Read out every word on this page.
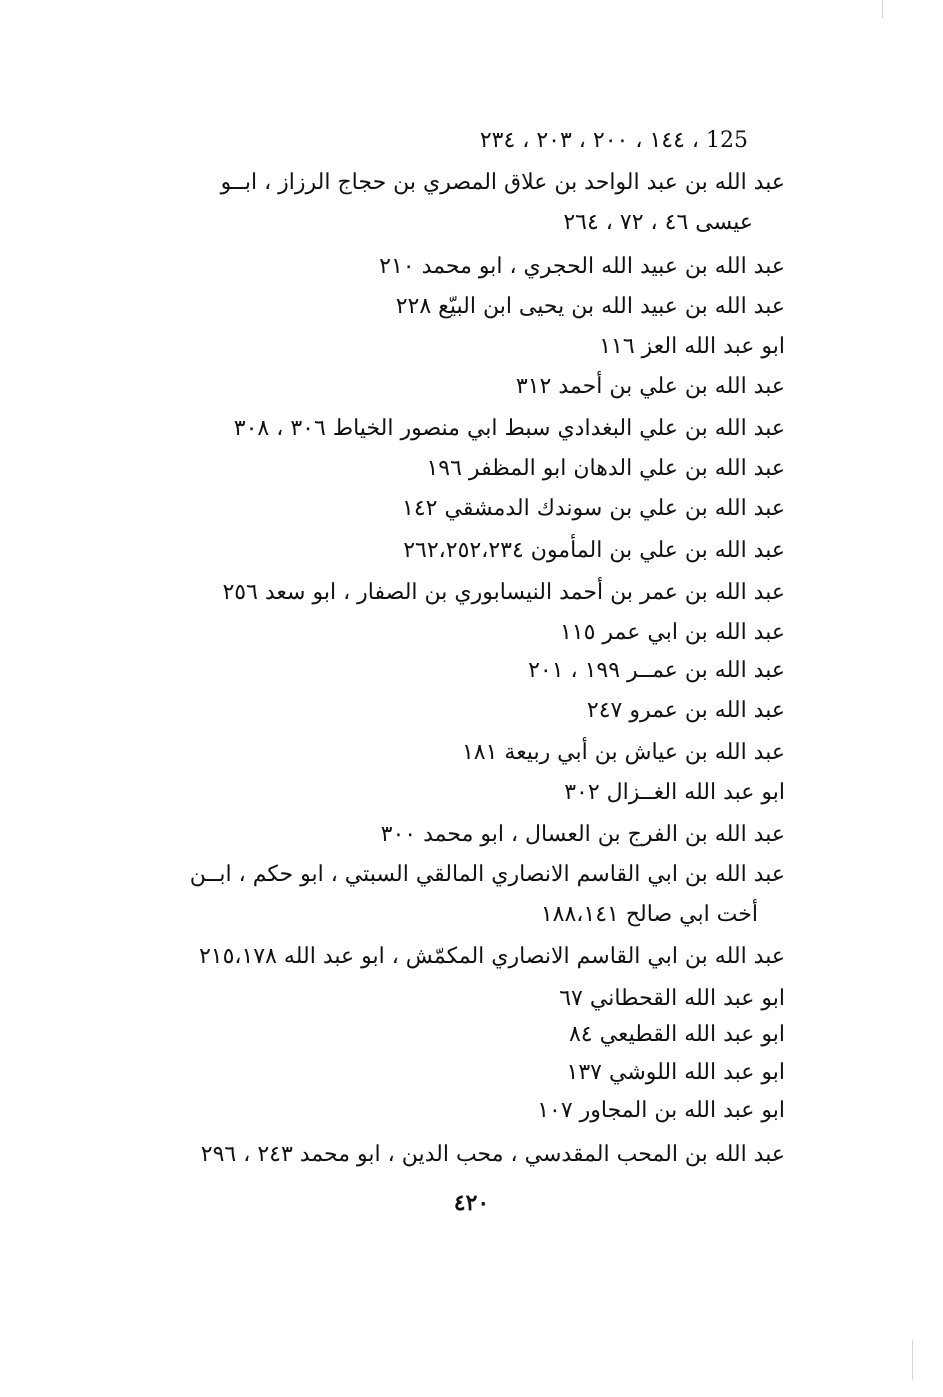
125 ، ١٤٤ ، ٢٠٠ ، ٢٠٣ ، ٢٣٤
عبد الله بن عبد الواحد بن علاق المصري بن حجاج الرزاز ، ابــو
عيسى ٤٦ ، ٧٢ ، ٢٦٤
عبد الله بن عبيد الله الحجري ، ابو محمد ٢١٠
عبد الله بن عبيد الله بن يحيى ابن البيّع ٢٢٨
ابو عبد الله العز ١١٦
عبد الله بن علي بن أحمد ٣١٢
عبد الله بن علي البغدادي سبط ابي منصور الخياط ٣٠٦ ، ٣٠٨
عبد الله بن علي الدهان ابو المظفر ١٩٦
عبد الله بن علي بن سوندك الدمشقي ١٤٢
عبد الله بن علي بن المأمون ٢٦٢،٢٥٢،٢٣٤
عبد الله بن عمر بن أحمد النيسابوري بن الصفار ، ابو سعد ٢٥٦
عبد الله بن ابي عمر ١١٥
عبد الله بن عمــر ١٩٩ ، ٢٠١
عبد الله بن عمرو ٢٤٧
عبد الله بن عياش بن أبي ربيعة ١٨١
ابو عبد الله الغــزال ٣٠٢
عبد الله بن الفرج بن العسال ، ابو محمد ٣٠٠
عبد الله بن ابي القاسم الانصاري المالقي السبتي ، ابو حكم ، ابــن
أخت ابي صالح ١٨٨،١٤١
عبد الله بن ابي القاسم الانصاري المكمّش ، ابو عبد الله ٢١٥،١٧٨
ابو عبد الله القحطاني ٦٧
ابو عبد الله القطيعي ٨٤
ابو عبد الله اللوشي ١٣٧
ابو عبد الله بن المجاور ١٠٧
عبد الله بن المحب المقدسي ، محب الدين ، ابو محمد ٢٤٣ ، ٢٩٦
٤٢٠
